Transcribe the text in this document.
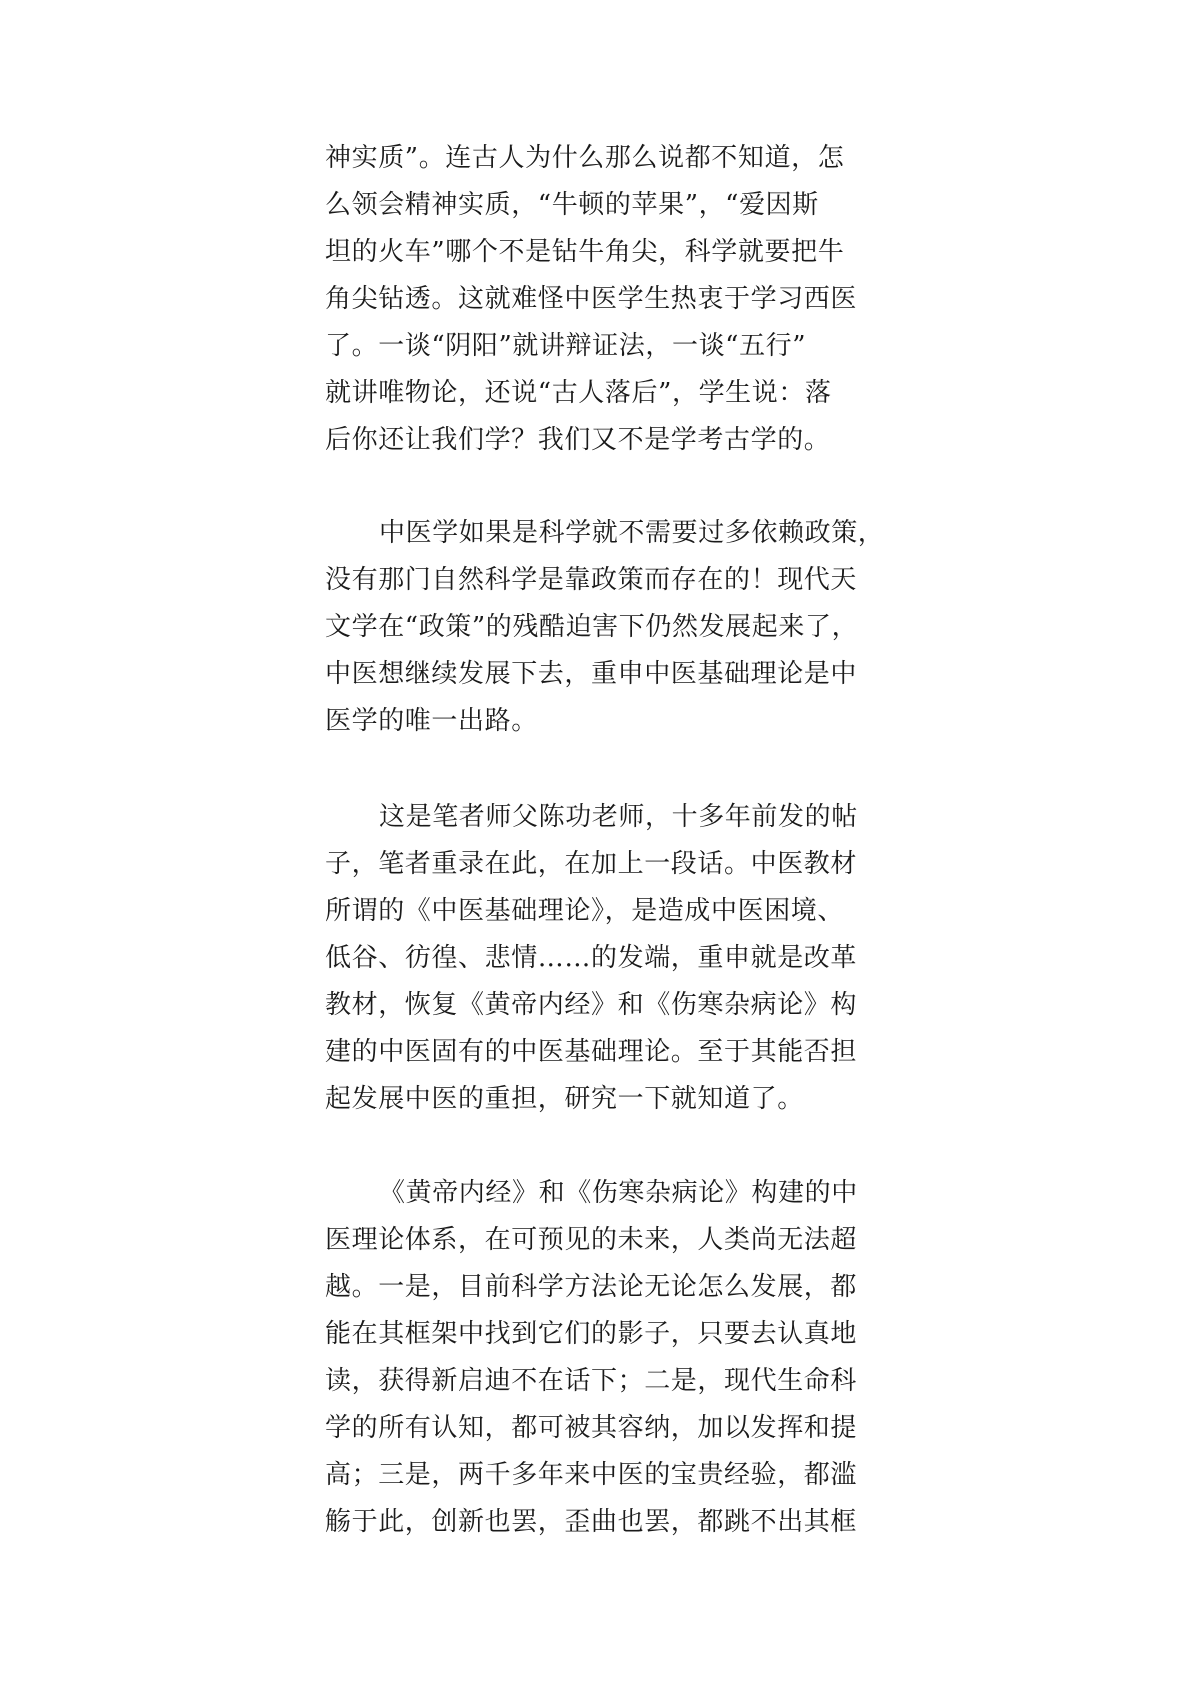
神实质”。连古人为什么那么说都不知道，怎
么领会精神实质，“牛顿的苹果”，“爱因斯
坦的火车”哪个不是钻牛角尖，科学就要把牛
角尖钻透。这就难怪中医学生热衷于学习西医
了。一谈“阴阳”就讲辩证法，一谈“五行”
就讲唯物论，还说“古人落后”，学生说：落
后你还让我们学？我们又不是学考古学的。
中医学如果是科学就不需要过多依赖政策，
没有那门自然科学是靠政策而存在的！现代天
文学在“政策”的残酷迫害下仍然发展起来了，
中医想继续发展下去，重申中医基础理论是中
医学的唯一出路。
这是笔者师父陈功老师，十多年前发的帖
子，笔者重录在此，在加上一段话。中医教材
所谓的《中医基础理论》，是造成中医困境、
低谷、彷徨、悲情……的发端，重申就是改革
教材，恢复《黄帝内经》和《伤寒杂病论》构
建的中医固有的中医基础理论。至于其能否担
起发展中医的重担，研究一下就知道了。
《黄帝内经》和《伤寒杂病论》构建的中
医理论体系，在可预见的未来，人类尚无法超
越。一是，目前科学方法论无论怎么发展，都
能在其框架中找到它们的影子，只要去认真地
读，获得新启迪不在话下；二是，现代生命科
学的所有认知，都可被其容纳，加以发挥和提
高；三是，两千多年来中医的宝贵经验，都滥
觞于此，创新也罢，歪曲也罢，都跳不出其框
